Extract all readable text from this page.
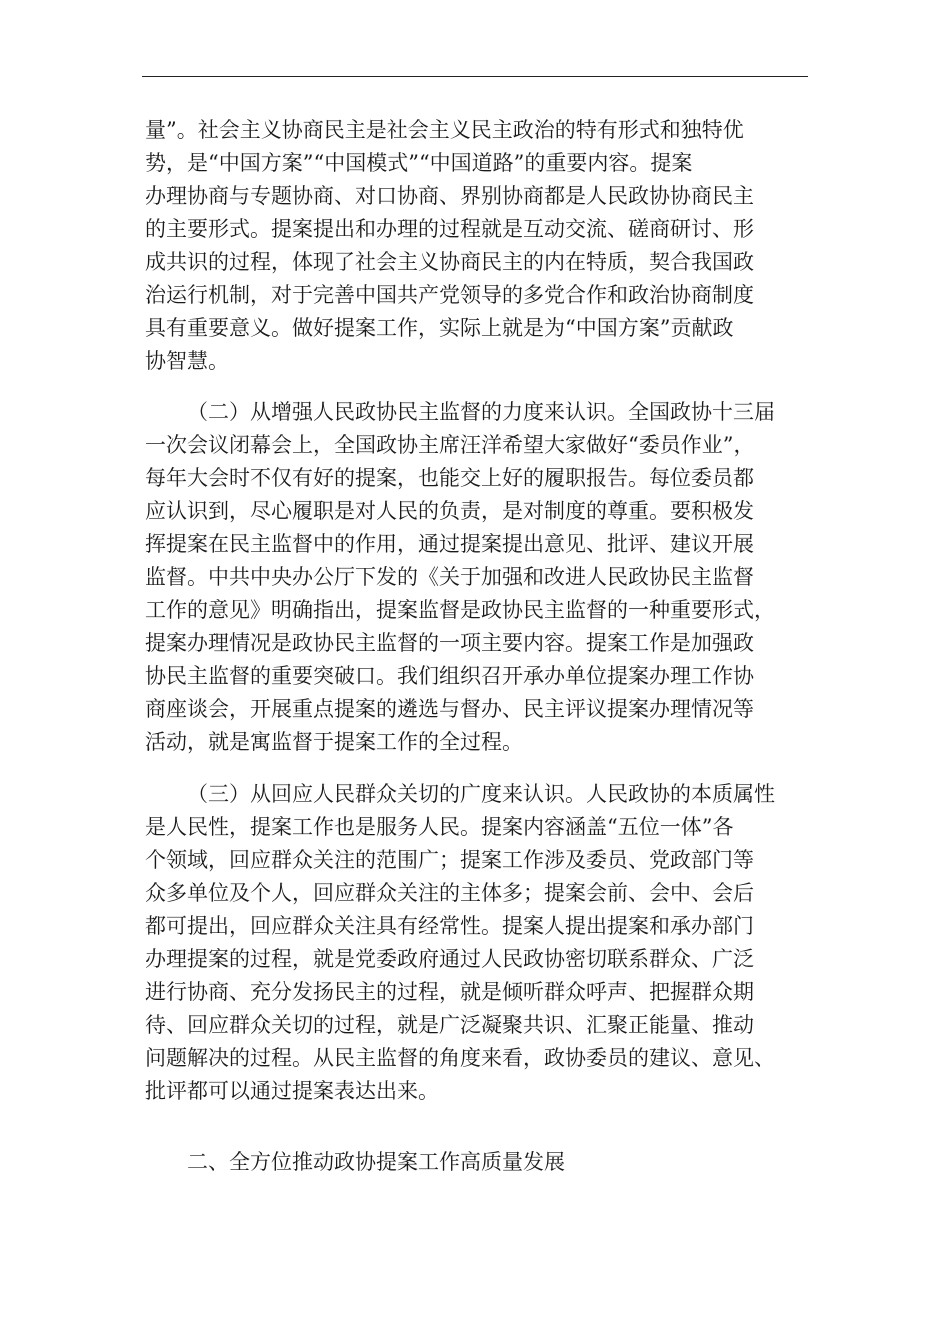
量”。社会主义协商民主是社会主义民主政治的特有形式和独特优
势，是“中国方案”“中国模式”“中国道路”的重要内容。提案
办理协商与专题协商、对口协商、界别协商都是人民政协协商民主
的主要形式。提案提出和办理的过程就是互动交流、磋商研讨、形
成共识的过程，体现了社会主义协商民主的内在特质，契合我国政
治运行机制，对于完善中国共产党领导的多党合作和政治协商制度
具有重要意义。做好提案工作，实际上就是为“中国方案”贡献政
协智慧。
（二）从增强人民政协民主监督的力度来认识。全国政协十三届
一次会议闭幕会上，全国政协主席汪洋希望大家做好“委员作业”，
每年大会时不仅有好的提案，也能交上好的履职报告。每位委员都
应认识到，尽心履职是对人民的负责，是对制度的尊重。要积极发
挥提案在民主监督中的作用，通过提案提出意见、批评、建议开展
监督。中共中央办公厅下发的《关于加强和改进人民政协民主监督
工作的意见》明确指出，提案监督是政协民主监督的一种重要形式，
提案办理情况是政协民主监督的一项主要内容。提案工作是加强政
协民主监督的重要突破口。我们组织召开承办单位提案办理工作协
商座谈会，开展重点提案的遴选与督办、民主评议提案办理情况等
活动，就是寓监督于提案工作的全过程。
（三）从回应人民群众关切的广度来认识。人民政协的本质属性
是人民性，提案工作也是服务人民。提案内容涵盖“五位一体”各
个领域，回应群众关注的范围广；提案工作涉及委员、党政部门等
众多单位及个人，回应群众关注的主体多；提案会前、会中、会后
都可提出，回应群众关注具有经常性。提案人提出提案和承办部门
办理提案的过程，就是党委政府通过人民政协密切联系群众、广泛
进行协商、充分发扬民主的过程，就是倾听群众呼声、把握群众期
待、回应群众关切的过程，就是广泛凝聚共识、汇聚正能量、推动
问题解决的过程。从民主监督的角度来看，政协委员的建议、意见、
批评都可以通过提案表达出来。
二、全方位推动政协提案工作高质量发展
